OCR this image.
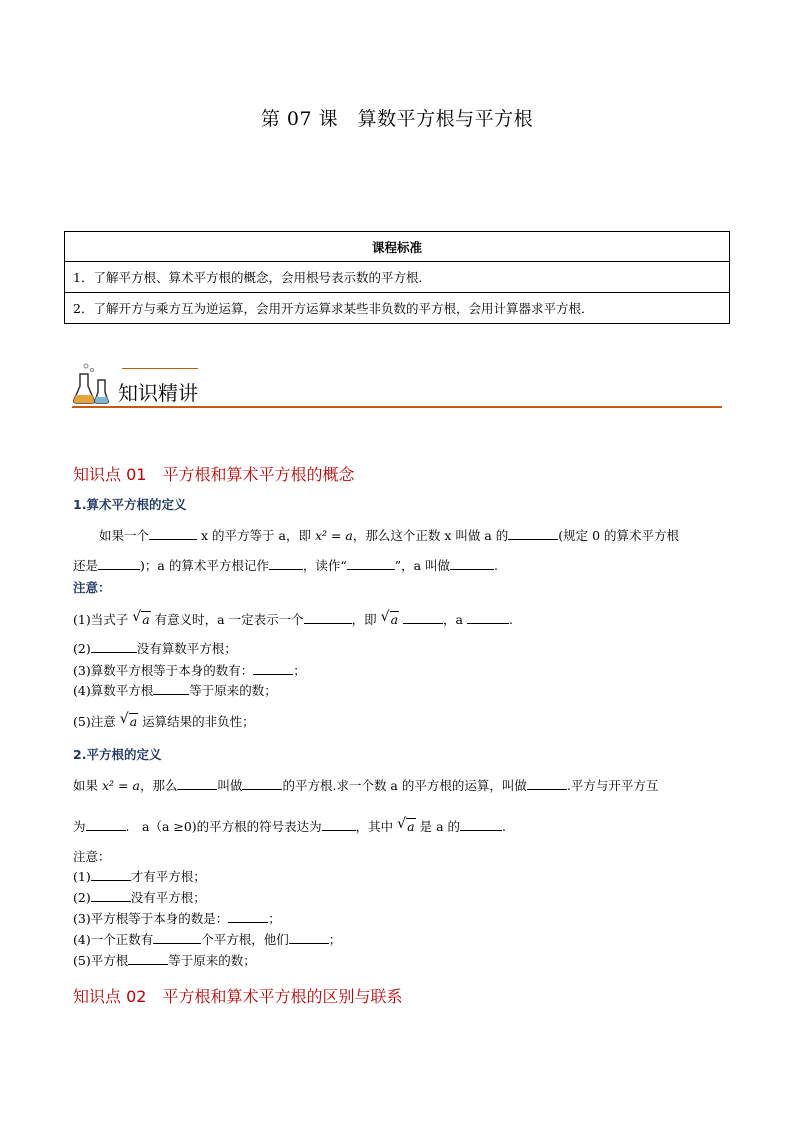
第 07 课　算数平方根与平方根
课程标准
1．了解平方根、算术平方根的概念，会用根号表示数的平方根．
2．了解开方与乘方互为逆运算，会用开方运算求某些非负数的平方根，会用计算器求平方根．
知识精讲
知识点 01　平方根和算术平方根的概念
1.算术平方根的定义
如果一个	x 的平方等于 a，即 x² = a，那么这个正数 x 叫做 a 的	(规定 0 的算术平方根
还是	)；a 的算术平方根记作	，读作“	”，a 叫做	.
注意：
(1)当式子 √ a 有意义时，a 一定表示一个	，即 √ a	，a	.
(2)	没有算数平方根；
(3)算数平方根等于本身的数有：	；
(4)算数平方根	等于原来的数；
(5)注意 √ a 运算结果的非负性；
2.平方根的定义
如果 x² = a，那么	叫做	的平方根.求一个数 a 的平方根的运算，叫做	.平方与开平方互
为	.　a（a ≥0)的平方根的符号表达为	，其中 √ a 是 a 的	.
注意：
(1)	才有平方根；
(2)	没有平方根；
(3)平方根等于本身的数是：	；
(4)一个正数有	个平方根，他们	；
(5)平方根	等于原来的数；
知识点 02　平方根和算术平方根的区别与联系
